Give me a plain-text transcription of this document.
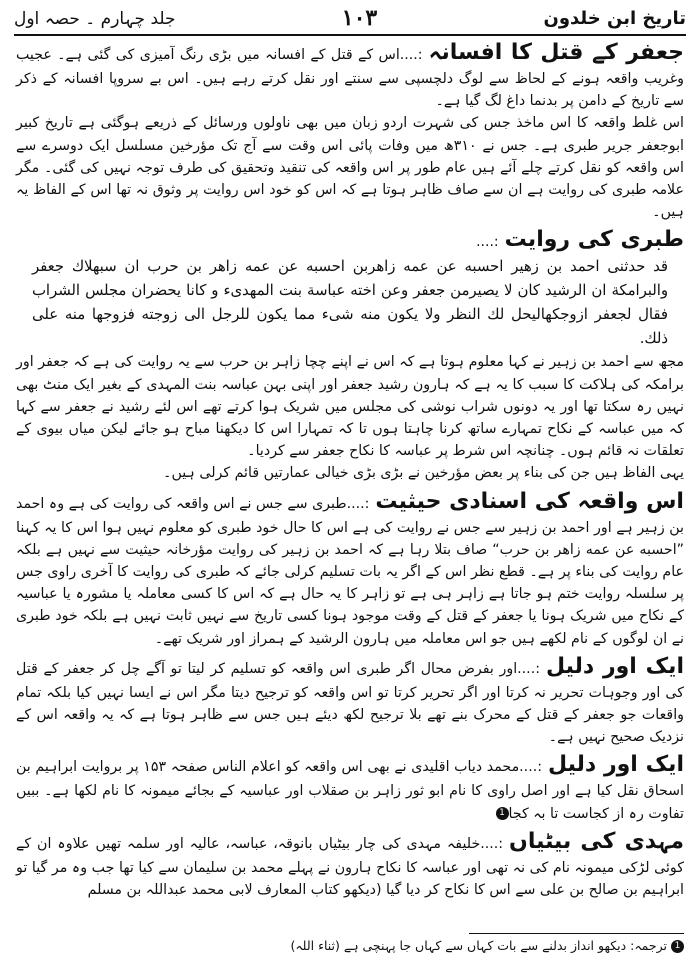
تاریخ ابن خلدون
۱۰۳
جلد چہارم ۔ حصہ اول

جعفر کے قتل کا افسانہ:....اس کے قتل کے افسانہ میں بڑی رنگ آمیزی کی گئی ہے۔ عجیب وغریب واقعہ ہونے کے لحاظ سے لوگ دلچسپی سے سنتے اور نقل کرتے رہے ہیں۔ اس بے سروپا افسانہ کے ذکر سے تاریخ کے دامن پر بدنما داغ لگ گیا ہے۔

اس غلط واقعہ کا اس ماخذ جس کی شہرت اردو زبان میں بھی ناولوں ورسائل کے ذریعے ہوگئی ہے تاریخ کبیر ابوجعفر جریر طبری ہے۔ جس نے ۳۱۰ھ میں وفات پائی اس وقت سے آج تک مؤرخین مسلسل ایک دوسرے سے اس واقعہ کو نقل کرتے چلے آئے ہیں عام طور پر اس واقعہ کی تنقید وتحقیق کی طرف توجہ نہیں کی گئی۔ مگر علامہ طبری کی روایت ہے ان سے صاف ظاہر ہوتا ہے کہ اس کو خود اس روایت پر وثوق نہ تھا اس کے الفاظ یہ ہیں۔

طبری کی روایت:....

قد حدثنی احمد بن زهیر احسبه عن عمه زاهربن احسبه عن عمه زاهر بن حرب ان سبهلاك جعفر والبرامکة ان الرشید كان لا یصیرمن جعفر وعن اخته عباسة بنت المهدیء و کانا یحضران مجلس الشراب فقال لجعفر ازوجکهالیحل لك النظر ولا یكون منه شیء مما یكون للرجل الی زوجته فزوجها منه علی ذلك.

مجھ سے احمد بن زہیر نے کہا معلوم ہوتا ہے کہ اس نے اپنے چچا زاہر بن حرب سے یہ روایت کی ہے کہ جعفر اور برامکہ کی ہلاکت کا سبب کا یہ ہے کہ ہارون رشید جعفر اور اپنی بہن عباسہ بنت المہدی کے بغیر ایک منٹ بھی نہیں رہ سکتا تھا اور یہ دونوں شراب نوشی کی مجلس میں شریک ہوا کرتے تھے اس لئے رشید نے جعفر سے کہا کہ میں عباسہ کے نکاح تمہارے ساتھ کرنا چاہتا ہوں تا کہ تمہارا اس کا دیکھنا مباح ہو جائے لیکن میاں بیوی کے تعلقات نہ قائم ہوں۔ چنانچہ اس شرط پر عباسہ کا نکاح جعفر سے کردیا۔

یہی الفاظ ہیں جن کی بناء پر بعض مؤرخین نے بڑی بڑی خیالی عمارتیں قائم کرلی ہیں۔

اس واقعہ کی اسنادی حیثیت:....طبری سے جس نے اس واقعہ کی روایت کی ہے وہ احمد بن زہیر ہے اور احمد بن زہیر سے جس نے روایت کی ہے اس کا حال خود طبری کو معلوم نہیں ہوا اس کا یہ کہنا ”احسبه عن عمه زاهر بن حرب“ صاف بتلا رہا ہے کہ احمد بن زہیر کی روایت مؤرخانہ حیثیت سے نہیں ہے بلکہ عام روایت کی بناء پر ہے۔ قطع نظر اس کے اگر یہ بات تسلیم کرلی جائے کہ طبری کی روایت کا آخری راوی جس پر سلسلہ روایت ختم ہو جاتا ہے زاہر ہی ہے تو زاہر کا یہ حال ہے کہ اس کا کسی معاملہ یا مشورہ یا عباسیہ کے نکاح میں شریک ہونا یا جعفر کے قتل کے وقت موجود ہونا کسی تاریخ سے نہیں ثابت نہیں ہے بلکہ خود طبری نے ان لوگوں کے نام لکھے ہیں جو اس معاملہ میں ہارون الرشید کے ہمراز اور شریک تھے۔

ایک اور دلیل:....اور بفرض محال اگر طبری اس واقعہ کو تسلیم کر لیتا تو آگے چل کر جعفر کے قتل کی اور وجوہات تحریر نہ کرتا اور اگر تحریر کرتا تو اس واقعہ کو ترجیح دیتا مگر اس نے ایسا نہیں کیا بلکہ تمام واقعات جو جعفر کے قتل کے محرک بنے تھے بلا ترجیح لکھ دیئے ہیں جس سے ظاہر ہوتا ہے کہ یہ واقعہ اس کے نزدیک صحیح نہیں ہے۔

ایک اور دلیل:....محمد دیاب اقلیدی نے بھی اس واقعہ کو اعلام الناس صفحہ ۱۵۳ پر بروایت ابراہیم بن اسحاق نقل کیا ہے اور اصل راوی کا نام ابو ثور زاہر بن صقلاب اور عباسیہ کے بجائے میمونہ کا نام لکھا ہے۔ ببیں تفاوت رہ از کجاست تا بہ کجا1

مہدی کی بیٹیاں:....خلیفہ مہدی کی چار بیٹیاں بانوقہ، عباسہ، عالیہ اور سلمہ تھیں علاوہ ان کے کوئی لڑکی میمونہ نام کی نہ تھی اور عباسہ کا نکاح ہارون نے پہلے محمد بن سلیمان سے کیا تھا جب وہ مر گیا تو ابراہیم بن صالح بن علی سے اس کا نکاح کر دیا گیا (دیکھو کتاب المعارف لابی محمد عبداللہ بن مسلم

1ترجمہ: دیکھو انداز بدلنے سے بات کہاں سے کہاں جا پہنچی ہے (ثناء اللہ)
